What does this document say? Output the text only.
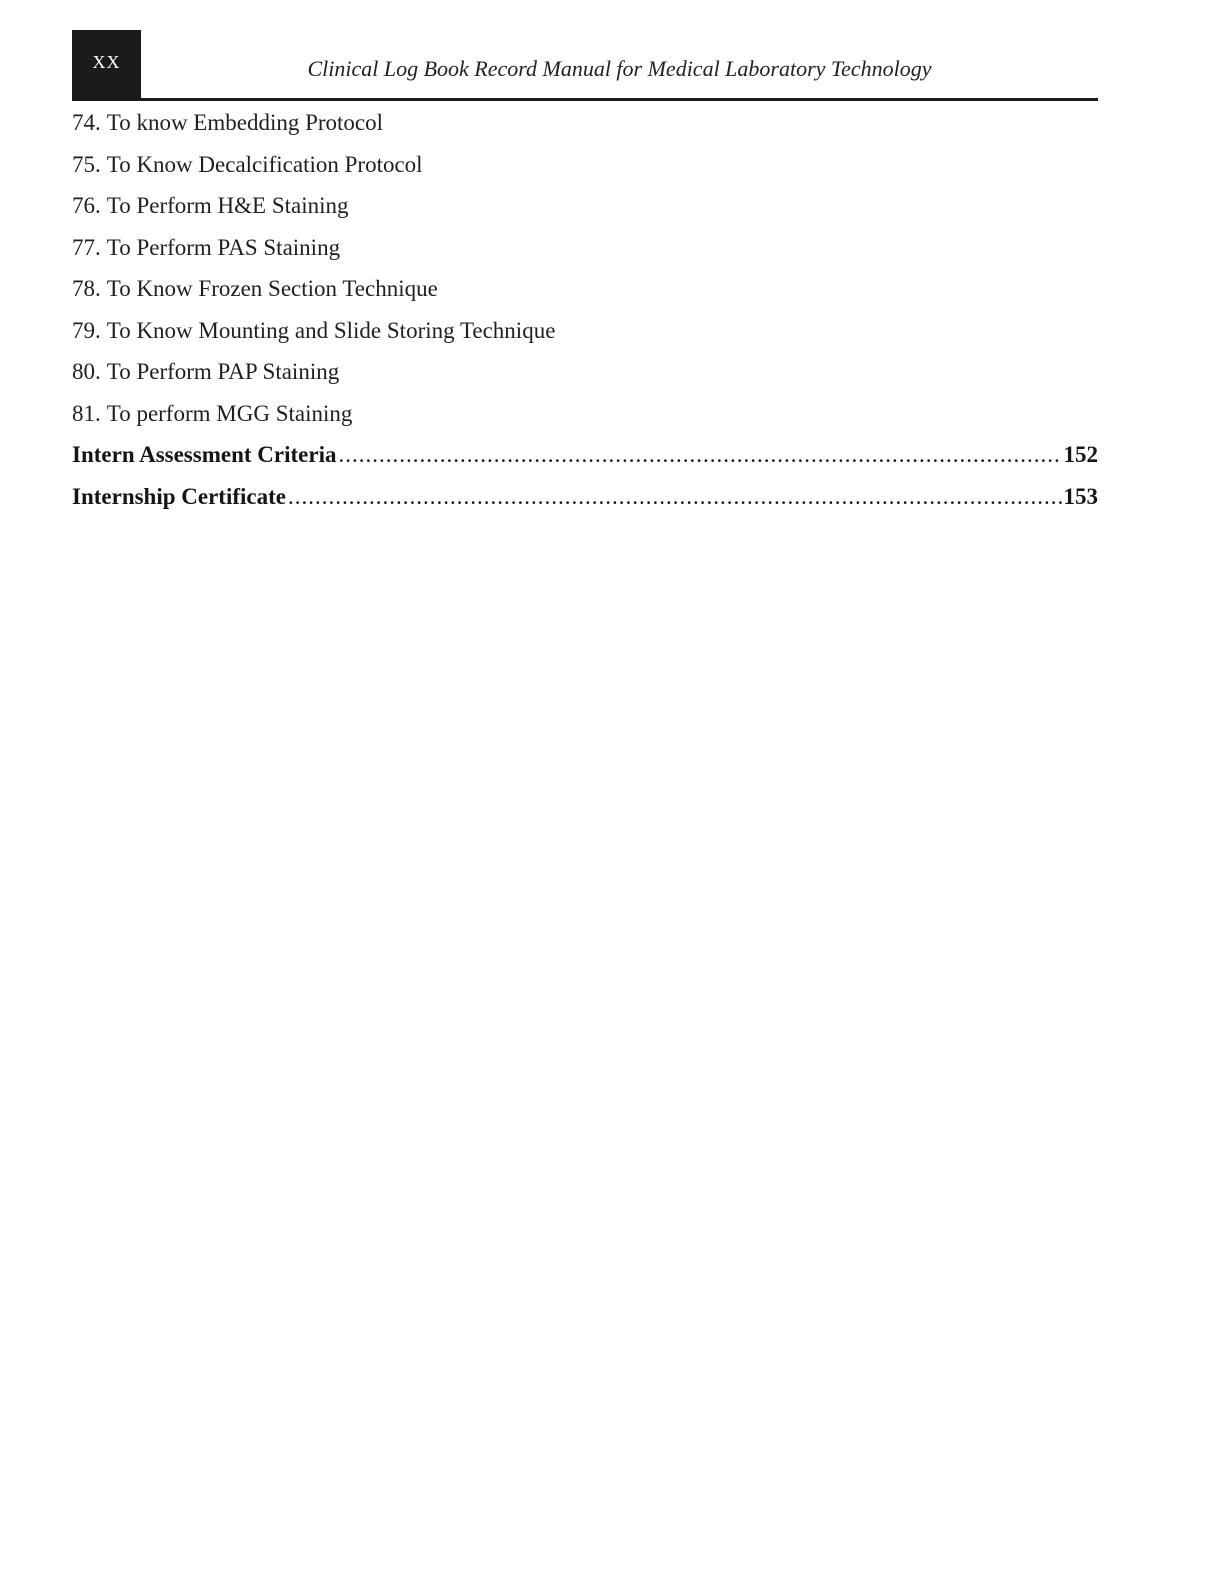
XX	Clinical Log Book Record Manual for Medical Laboratory Technology
74. To know Embedding Protocol
75. To Know Decalcification Protocol
76. To Perform H&E Staining
77. To Perform PAS Staining
78. To Know Frozen Section Technique
79. To Know Mounting and Slide Storing Technique
80. To Perform PAP Staining
81. To perform MGG Staining
Intern Assessment Criteria .....	152
Internship Certificate .....	153
